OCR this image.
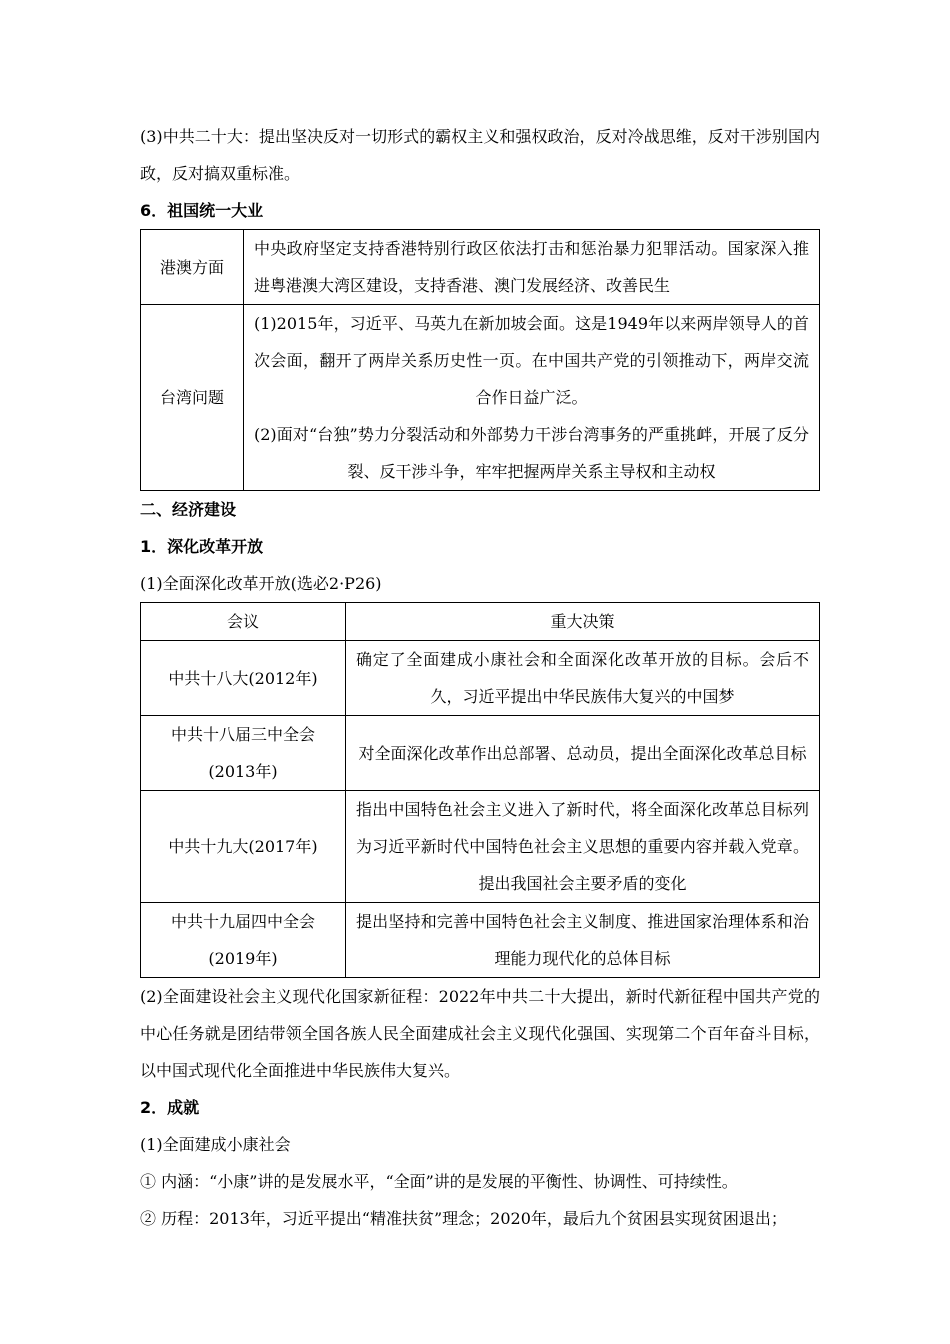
(3)中共二十大：提出坚决反对一切形式的霸权主义和强权政治，反对冷战思维，反对干涉别国内政，反对搞双重标准。

6．祖国统一大业

港澳方面	中央政府坚定支持香港特别行政区依法打击和惩治暴力犯罪活动。国家深入推进粤港澳大湾区建设，支持香港、澳门发展经济、改善民生
台湾问题	(1)2015年，习近平、马英九在新加坡会面。这是1949年以来两岸领导人的首次会面，翻开了两岸关系历史性一页。在中国共产党的引领推动下，两岸交流合作日益广泛。
(2)面对“台独”势力分裂活动和外部势力干涉台湾事务的严重挑衅，开展了反分裂、反干涉斗争，牢牢把握两岸关系主导权和主动权

二、经济建设

1．深化改革开放

(1)全面深化改革开放(选必2·P26)

会议	重大决策
中共十八大(2012年)	确定了全面建成小康社会和全面深化改革开放的目标。会后不久，习近平提出中华民族伟大复兴的中国梦
中共十八届三中全会(2013年)	对全面深化改革作出总部署、总动员，提出全面深化改革总目标
中共十九大(2017年)	指出中国特色社会主义进入了新时代，将全面深化改革总目标列为习近平新时代中国特色社会主义思想的重要内容并载入党章。提出我国社会主要矛盾的变化
中共十九届四中全会(2019年)	提出坚持和完善中国特色社会主义制度、推进国家治理体系和治理能力现代化的总体目标

(2)全面建设社会主义现代化国家新征程：2022年中共二十大提出，新时代新征程中国共产党的中心任务就是团结带领全国各族人民全面建成社会主义现代化强国、实现第二个百年奋斗目标，以中国式现代化全面推进中华民族伟大复兴。

2．成就

(1)全面建成小康社会

① 内涵：“小康”讲的是发展水平，“全面”讲的是发展的平衡性、协调性、可持续性。

② 历程：2013年，习近平提出“精准扶贫”理念；2020年，最后九个贫困县实现贫困退出；
